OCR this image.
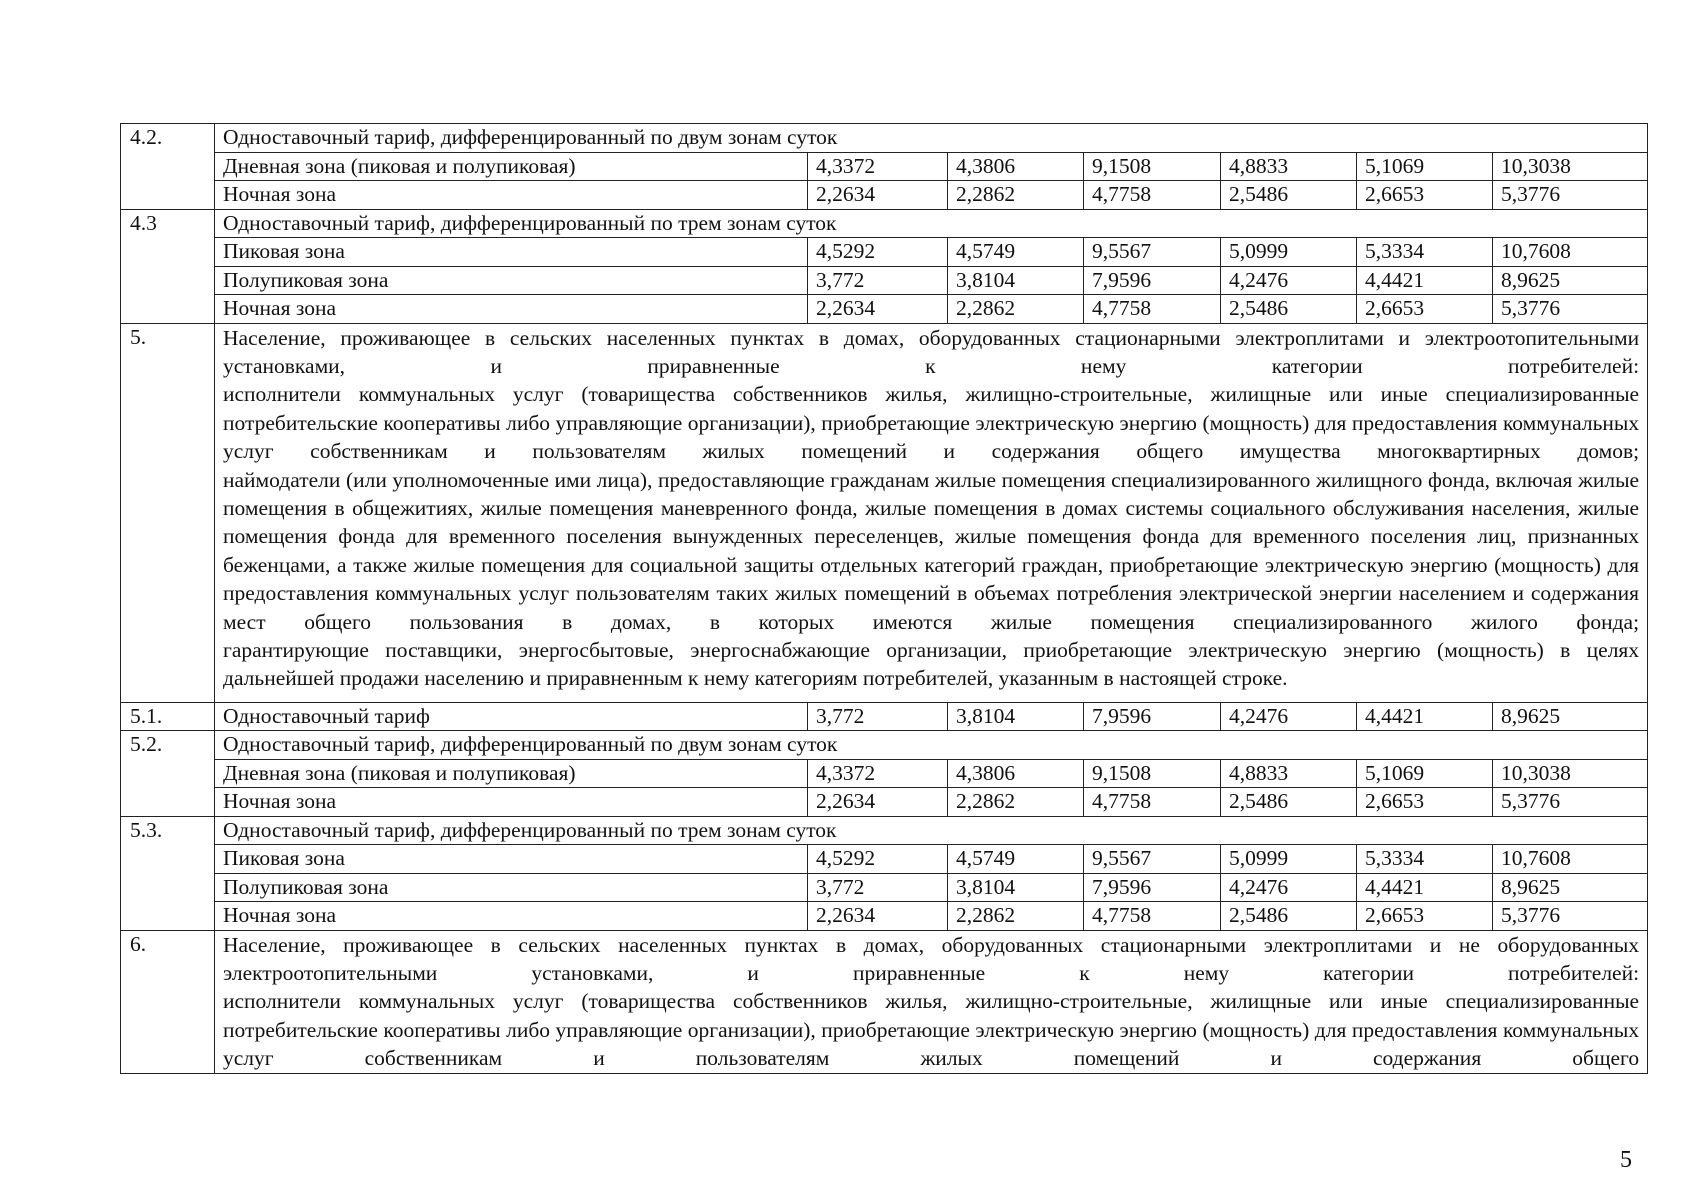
4.2.	Одноставочный тариф, дифференцированный по двум зонам суток						
	Дневная зона (пиковая и полупиковая)	4,3372	4,3806	9,1508	4,8833	5,1069	10,3038
	Ночная зона	2,2634	2,2862	4,7758	2,5486	2,6653	5,3776
4.3	Одноставочный тариф, дифференцированный по трем зонам суток						
	Пиковая зона	4,5292	4,5749	9,5567	5,0999	5,3334	10,7608
	Полупиковая зона	3,772	3,8104	7,9596	4,2476	4,4421	8,9625
	Ночная зона	2,2634	2,2862	4,7758	2,5486	2,6653	5,3776
5.	Население, проживающее в сельских населенных пунктах в домах, оборудованных стационарными электроплитами и электроотопительными установками, и приравненные к нему категории потребителей:
исполнители коммунальных услуг (товарищества собственников жилья, жилищно-строительные, жилищные или иные специализированные потребительские кооперативы либо управляющие организации), приобретающие электрическую энергию (мощность) для предоставления коммунальных услуг собственникам и пользователям жилых помещений и содержания общего имущества многоквартирных домов;
наймодатели (или уполномоченные ими лица), предоставляющие гражданам жилые помещения специализированного жилищного фонда, включая жилые помещения в общежитиях, жилые помещения маневренного фонда, жилые помещения в домах системы социального обслуживания населения, жилые помещения фонда для временного поселения вынужденных переселенцев, жилые помещения фонда для временного поселения лиц, признанных беженцами, а также жилые помещения для социальной защиты отдельных категорий граждан, приобретающие электрическую энергию (мощность) для предоставления коммунальных услуг пользователям таких жилых помещений в объемах потребления электрической энергии населением и содержания мест общего пользования в домах, в которых имеются жилые помещения специализированного жилого фонда;
гарантирующие поставщики, энергосбытовые, энергоснабжающие организации, приобретающие электрическую энергию (мощность) в целях дальнейшей продажи населению и приравненным к нему категориям потребителей, указанным в настоящей строке.						

5.1.	Одноставочный тариф	3,772	3,8104	7,9596	4,2476	4,4421	8,9625
5.2.	Одноставочный тариф, дифференцированный по двум зонам суток						
	Дневная зона (пиковая и полупиковая)	4,3372	4,3806	9,1508	4,8833	5,1069	10,3038
	Ночная зона	2,2634	2,2862	4,7758	2,5486	2,6653	5,3776
5.3.	Одноставочный тариф, дифференцированный по трем зонам суток						
	Пиковая зона	4,5292	4,5749	9,5567	5,0999	5,3334	10,7608
	Полупиковая зона	3,772	3,8104	7,9596	4,2476	4,4421	8,9625
	Ночная зона	2,2634	2,2862	4,7758	2,5486	2,6653	5,3776
6.	Население, проживающее в сельских населенных пунктах в домах, оборудованных стационарными электроплитами и не оборудованных электроотопительными установками, и приравненные к нему категории потребителей:
исполнители коммунальных услуг (товарищества собственников жилья, жилищно-строительные, жилищные или иные специализированные потребительские кооперативы либо управляющие организации), приобретающие электрическую энергию (мощность) для предоставления коммунальных услуг собственникам и пользователям жилых помещений и содержания общего						
5
